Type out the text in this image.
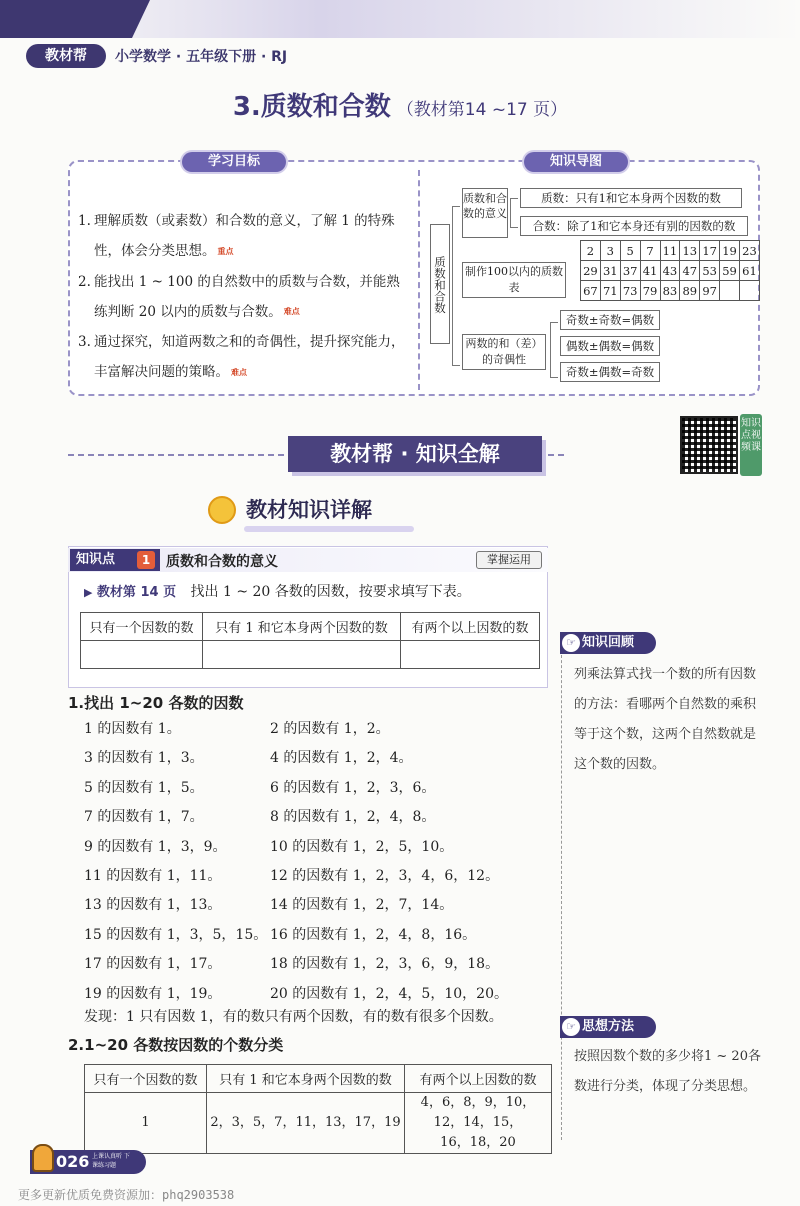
教材帮	小学数学 · 五年级下册 · RJ
3.质数和合数 （教材第14 ~17 页）
学习目标	知识导图
1. 理解质数（或素数）和合数的意义，了解 1 的特殊性，体会分类思想。 重点
2. 能找出 1 ~ 100 的自然数中的质数与合数，并能熟练判断 20 以内的质数与合数。 难点
3. 通过探究，知道两数之和的奇偶性，提升探究能力，丰富解决问题的策略。 难点
质数和合数
质数和合数的意义
质数：只有1和它本身两个因数的数
合数：除了1和它本身还有别的因数的数
制作100以内的质数表
2	3	5	7	11	13	17	19	23
29	31	37	41	43	47	53	59	61
67	71	73	79	83	89	97		
两数的和（差）的奇偶性
奇数±奇数=偶数
偶数±偶数=偶数
奇数±偶数=奇数
教材帮 · 知识全解
知识点视频课
教材知识详解
知识点	1	质数和合数的意义	掌握运用
▶ 教材第 14 页 找出 1 ~ 20 各数的因数，按要求填写下表。
只有一个因数的数	只有 1 和它本身两个因数的数	有两个以上因数的数

1.找出 1~20 各数的因数
1 的因数有 1。	2 的因数有 1，2。
3 的因数有 1，3。	4 的因数有 1，2，4。
5 的因数有 1，5。	6 的因数有 1，2，3，6。
7 的因数有 1，7。	8 的因数有 1，2，4，8。
9 的因数有 1，3，9。	10 的因数有 1，2，5，10。
11 的因数有 1，11。	12 的因数有 1，2，3，4，6，12。
13 的因数有 1，13。	14 的因数有 1，2，7，14。
15 的因数有 1，3，5，15。 16 的因数有 1，2，4，8，16。
17 的因数有 1，17。	18 的因数有 1，2，3，6，9，18。
19 的因数有 1，19。	20 的因数有 1，2，4，5，10，20。
发现：1 只有因数 1，有的数只有两个因数，有的数有很多个因数。
2.1~20 各数按因数的个数分类
只有一个因数的数	只有 1 和它本身两个因数的数	有两个以上因数的数
1	2，3，5，7，11，13，17，19	4，6，8，9，10，12，14，15，16，18，20
☞ 知识回顾
列乘法算式找一个数的所有因数的方法：看哪两个自然数的乘积等于这个数，这两个自然数就是这个数的因数。
☞ 思想方法
按照因数个数的多少将1 ~ 20各数进行分类，体现了分类思想。
026 上课认真听 下课练习题
更多更新优质免费资源加：phq2903538
